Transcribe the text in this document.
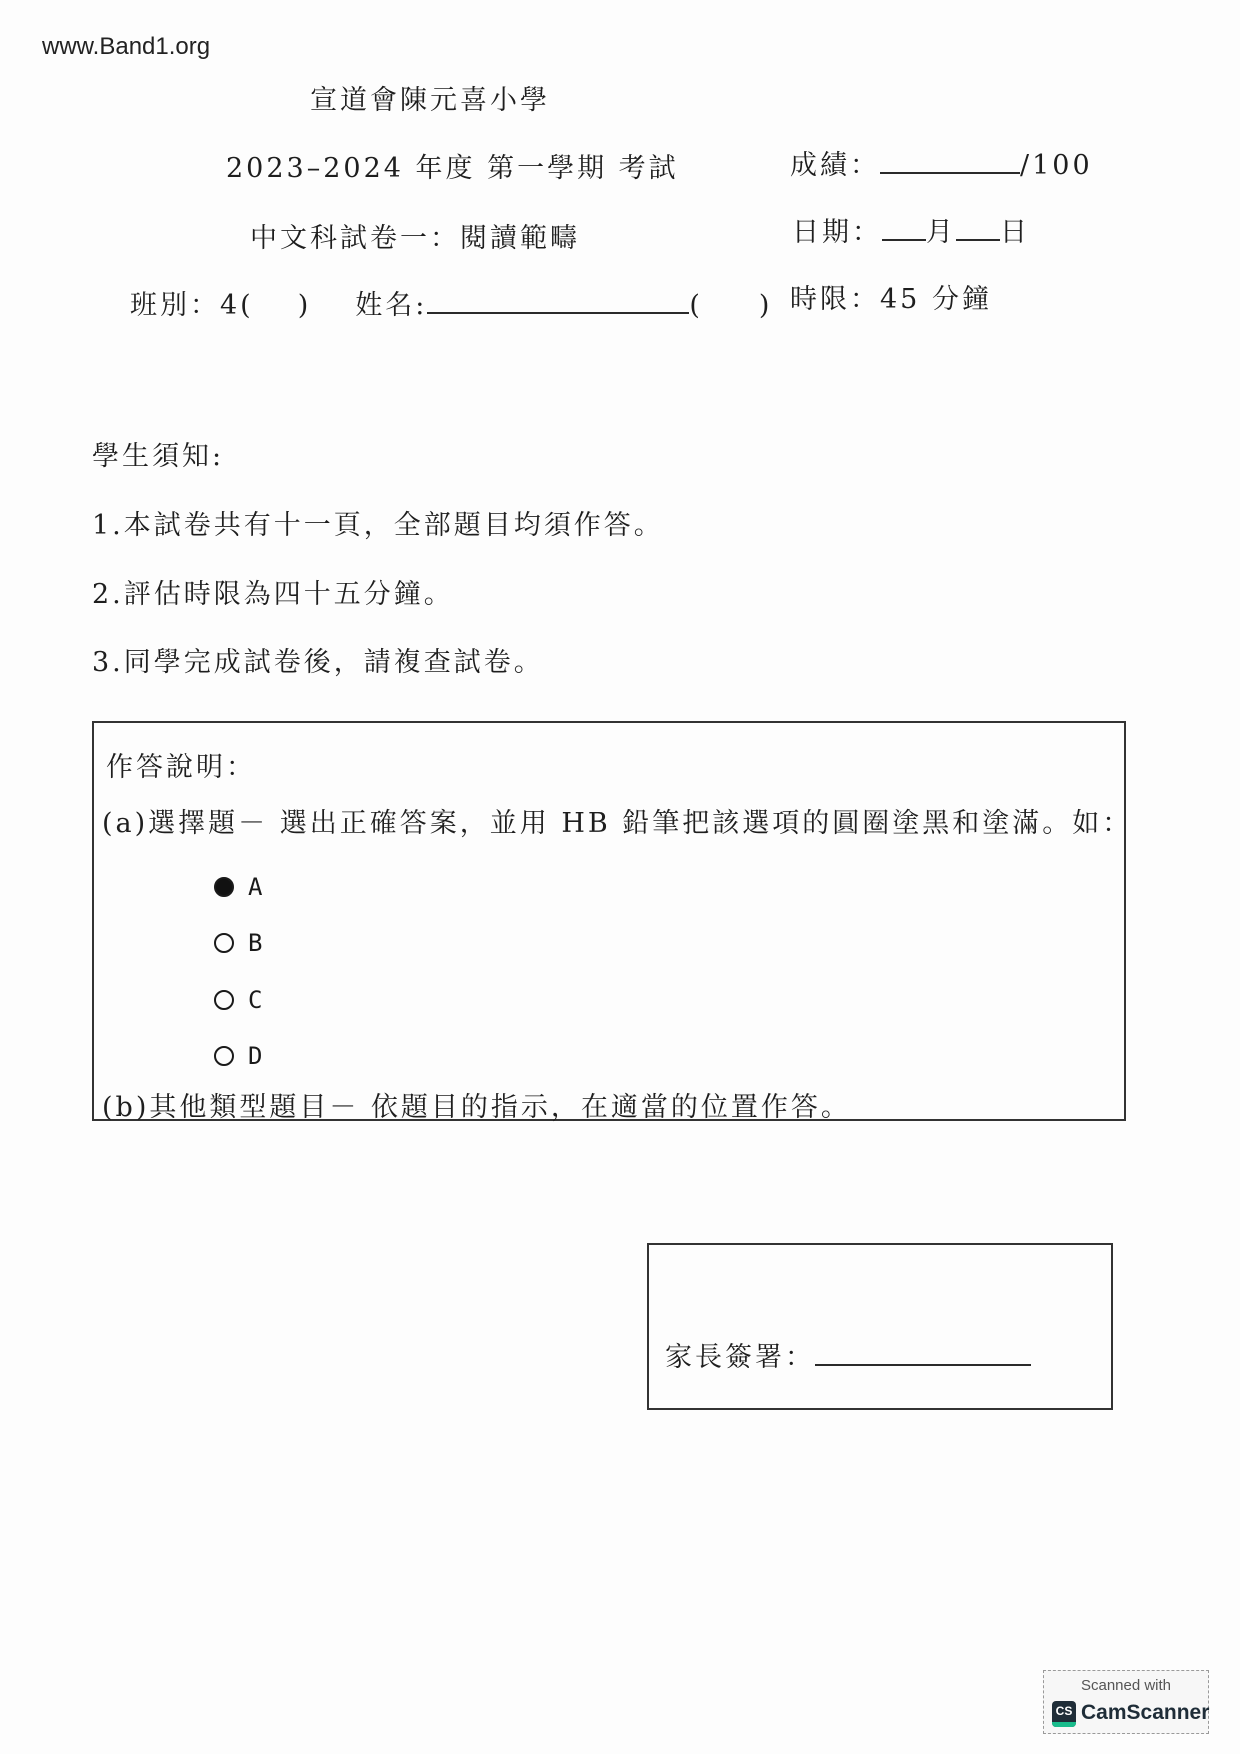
www.Band1.org
宣道會陳元喜小學
2023–2024 年度 第一學期 考試
中文科試卷一：閱讀範疇
成績：	/100
日期： 月 日
時限：45 分鐘
班別：4( ) 姓名:	( )
學生須知:
1.本試卷共有十一頁，全部題目均須作答。
2.評估時限為四十五分鐘。
3.同學完成試卷後，請複查試卷。
作答說明：
(a)選擇題－ 選出正確答案，並用 HB 鉛筆把該選項的圓圈塗黑和塗滿。如：
A
B
C
D
(b)其他類型題目－ 依題目的指示，在適當的位置作答。
家長簽署：
Scanned with
CS CamScanner
